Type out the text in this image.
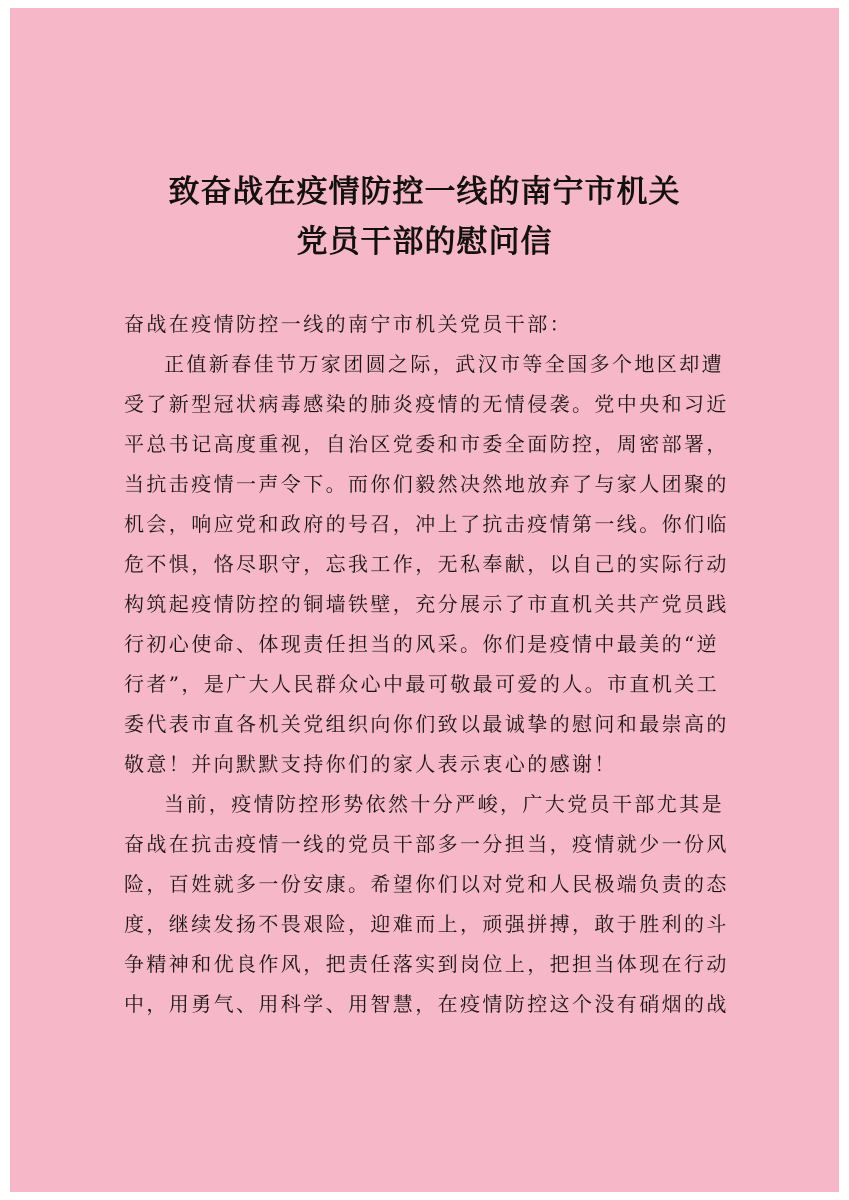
致奋战在疫情防控一线的南宁市机关
党员干部的慰问信
奋战在疫情防控一线的南宁市机关党员干部：
正值新春佳节万家团圆之际，武汉市等全国多个地区却遭
受了新型冠状病毒感染的肺炎疫情的无情侵袭。党中央和习近
平总书记高度重视，自治区党委和市委全面防控，周密部署，
当抗击疫情一声令下。而你们毅然决然地放弃了与家人团聚的
机会，响应党和政府的号召，冲上了抗击疫情第一线。你们临
危不惧，恪尽职守，忘我工作，无私奉献，以自己的实际行动
构筑起疫情防控的铜墙铁壁，充分展示了市直机关共产党员践
行初心使命、体现责任担当的风采。你们是疫情中最美的“逆
行者”，是广大人民群众心中最可敬最可爱的人。市直机关工
委代表市直各机关党组织向你们致以最诚挚的慰问和最崇高的
敬意！并向默默支持你们的家人表示衷心的感谢！
当前，疫情防控形势依然十分严峻，广大党员干部尤其是
奋战在抗击疫情一线的党员干部多一分担当，疫情就少一份风
险，百姓就多一份安康。希望你们以对党和人民极端负责的态
度，继续发扬不畏艰险，迎难而上，顽强拼搏，敢于胜利的斗
争精神和优良作风，把责任落实到岗位上，把担当体现在行动
中，用勇气、用科学、用智慧，在疫情防控这个没有硝烟的战
